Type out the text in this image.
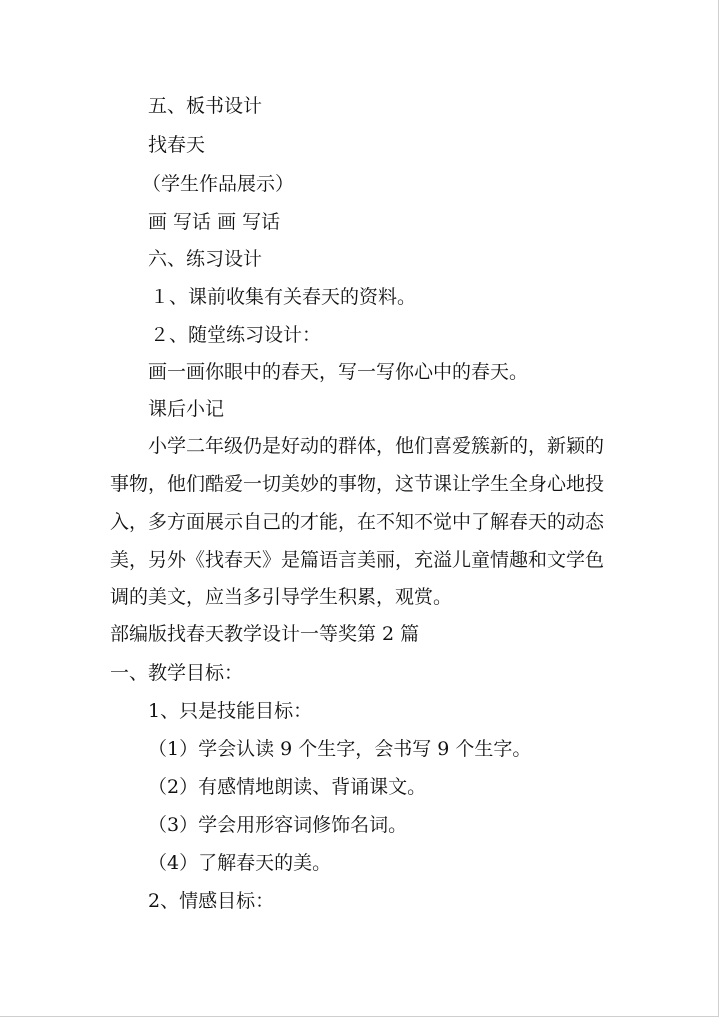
五、板书设计
找春天
（学生作品展示）
画 写话 画 写话
六、练习设计
１、课前收集有关春天的资料。
２、随堂练习设计：
画一画你眼中的春天，写一写你心中的春天。
课后小记
小学二年级仍是好动的群体，他们喜爱簇新的，新颖的
事物，他们酷爱一切美妙的事物，这节课让学生全身心地投
入，多方面展示自己的才能，在不知不觉中了解春天的动态
美，另外《找春天》是篇语言美丽，充溢儿童情趣和文学色
调的美文，应当多引导学生积累，观赏。
部编版找春天教学设计一等奖第 2 篇
一、教学目标：
1、只是技能目标：
（1）学会认读 9 个生字，会书写 9 个生字。
（2）有感情地朗读、背诵课文。
（3）学会用形容词修饰名词。
（4）了解春天的美。
2、情感目标：
